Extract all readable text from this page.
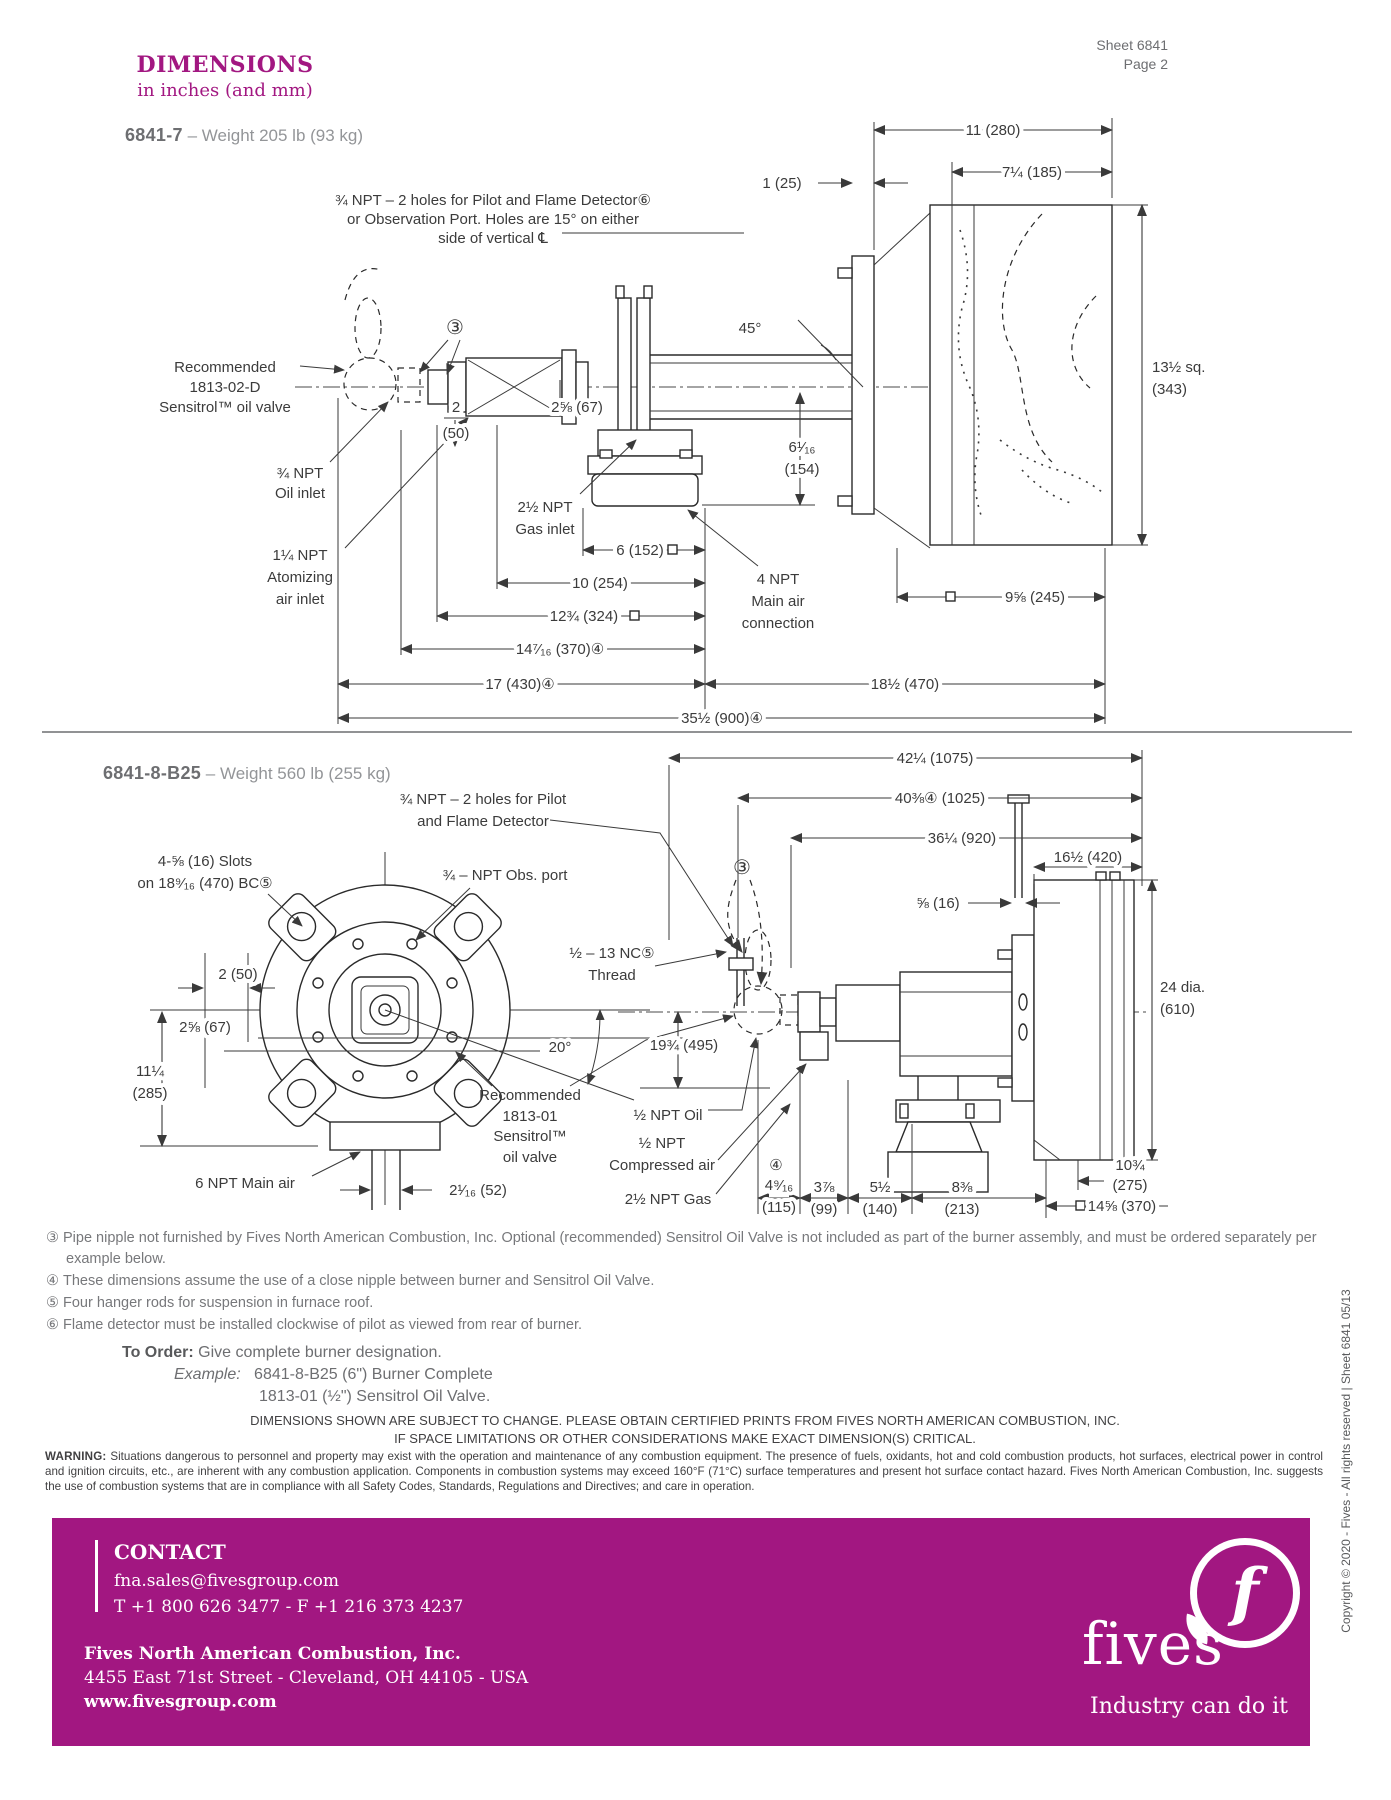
¾ NPT – 2 holes for Pilot and Flame Detector⑥
or Observation Port. Holes are 15° on either
side of vertical ℄
Recommended
1813-02-D
Sensitrol™ oil valve
③	45°
¾ NPT
Oil inlet
1¼ NPT
Atomizing
air inlet
2½ NPT
Gas inlet
4 NPT
Main air
connection
11 (280)
1 (25)
7¼ (185)
13½ sq.
(343)
2
(50)
2⅝ (67)
6¹⁄₁₆
(154)
6 (152)
10 (254)
12¾ (324)
14⁷⁄₁₆ (370)④
17 (430)④	18½ (470)
35½ (900)④
9⅝ (245)
½ – 13 NC⑤
Thread
③
42¼ (1075)
40⅜④ (1025)
36¼ (920)
16½ (420)
⅝ (16)
24 dia.
(610)
19¾ (495)
½ NPT Oil
½ NPT
Compressed air
2½ NPT Gas
④
4⁹⁄₁₆
(115)
3⅞
(99)
5½
(140)
8⅜
(213)	14⅝ (370)
10¾
(275)
¾ NPT – 2 holes for Pilot
and Flame Detector
4-⅝ (16) Slots
on 18⁹⁄₁₆ (470) BC⑤	¾ – NPT Obs. port
2 (50)
2⅝ (67)
11¼
(285)
20°
Recommended
1813-01
Sensitrol™
oil valve
6 NPT Main air	2¹⁄₁₆ (52)
DIMENSIONS
in inches (and mm)
Sheet 6841
Page 2
6841-7 – Weight 205 lb (93 kg)
6841-8-B25 – Weight 560 lb (255 kg)
③ Pipe nipple not furnished by Fives North American Combustion, Inc. Optional (recommended) Sensitrol Oil Valve is not included as part of the burner assembly, and must be ordered separately per example below.
④ These dimensions assume the use of a close nipple between burner and Sensitrol Oil Valve.
⑤ Four hanger rods for suspension in furnace roof.
⑥ Flame detector must be installed clockwise of pilot as viewed from rear of burner.
To Order: Give complete burner designation.
Example: 6841-8-B25 (6") Burner Complete
1813-01 (½") Sensitrol Oil Valve.
DIMENSIONS SHOWN ARE SUBJECT TO CHANGE. PLEASE OBTAIN CERTIFIED PRINTS FROM FIVES NORTH AMERICAN COMBUSTION, INC.
IF SPACE LIMITATIONS OR OTHER CONSIDERATIONS MAKE EXACT DIMENSION(S) CRITICAL.
WARNING: Situations dangerous to personnel and property may exist with the operation and maintenance of any combustion equipment. The presence of fuels, oxidants, hot and cold combustion products, hot surfaces, electrical power in control and ignition circuits, etc., are inherent with any combustion application. Components in combustion systems may exceed 160°F (71°C) surface temperatures and present hot surface contact hazard. Fives North American Combustion, Inc. suggests the use of combustion systems that are in compliance with all Safety Codes, Standards, Regulations and Directives; and care in operation.
CONTACT
fna.sales@fivesgroup.com
T +1 800 626 3477 - F +1 216 373 4237
Fives North American Combustion, Inc.
4455 East 71st Street - Cleveland, OH 44105 - USA
www.fivesgroup.com
f
fives
Industry can do it
Copyright © 2020 - Fives - All rights reserved | Sheet 6841 05/13
